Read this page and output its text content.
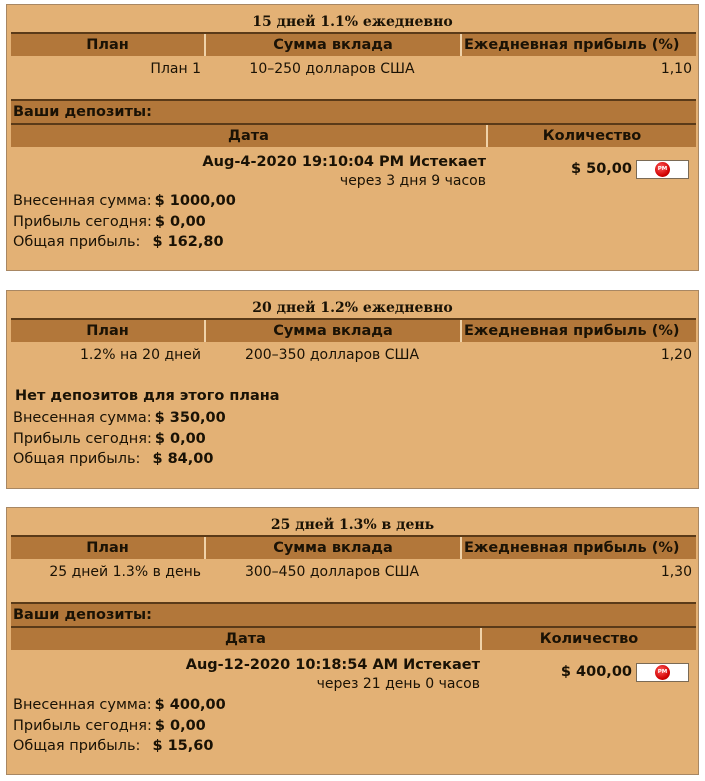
15 дней 1.1% ежедневно
План	Сумма вклада	Ежедневная прибыль (%)
План 1	10–250 долларов США	1,10
Ваши депозиты:
Дата	Количество
Aug-4-2020 19:10:04 PM Истекает
через 3 дня 9 часов
$ 50,00	PM
Внесенная сумма: $ 1000,00
Прибыль сегодня: $ 0,00
Общая прибыль: $ 162,80
20 дней 1.2% ежедневно
План	Сумма вклада	Ежедневная прибыль (%)
1.2% на 20 дней	200–350 долларов США	1,20
Нет депозитов для этого плана
Внесенная сумма: $ 350,00
Прибыль сегодня: $ 0,00
Общая прибыль: $ 84,00
25 дней 1.3% в день
План	Сумма вклада	Ежедневная прибыль (%)
25 дней 1.3% в день	300–450 долларов США	1,30
Ваши депозиты:
Дата	Количество
Aug-12-2020 10:18:54 AM Истекает
через 21 день 0 часов
$ 400,00	PM
Внесенная сумма: $ 400,00
Прибыль сегодня: $ 0,00
Общая прибыль: $ 15,60
